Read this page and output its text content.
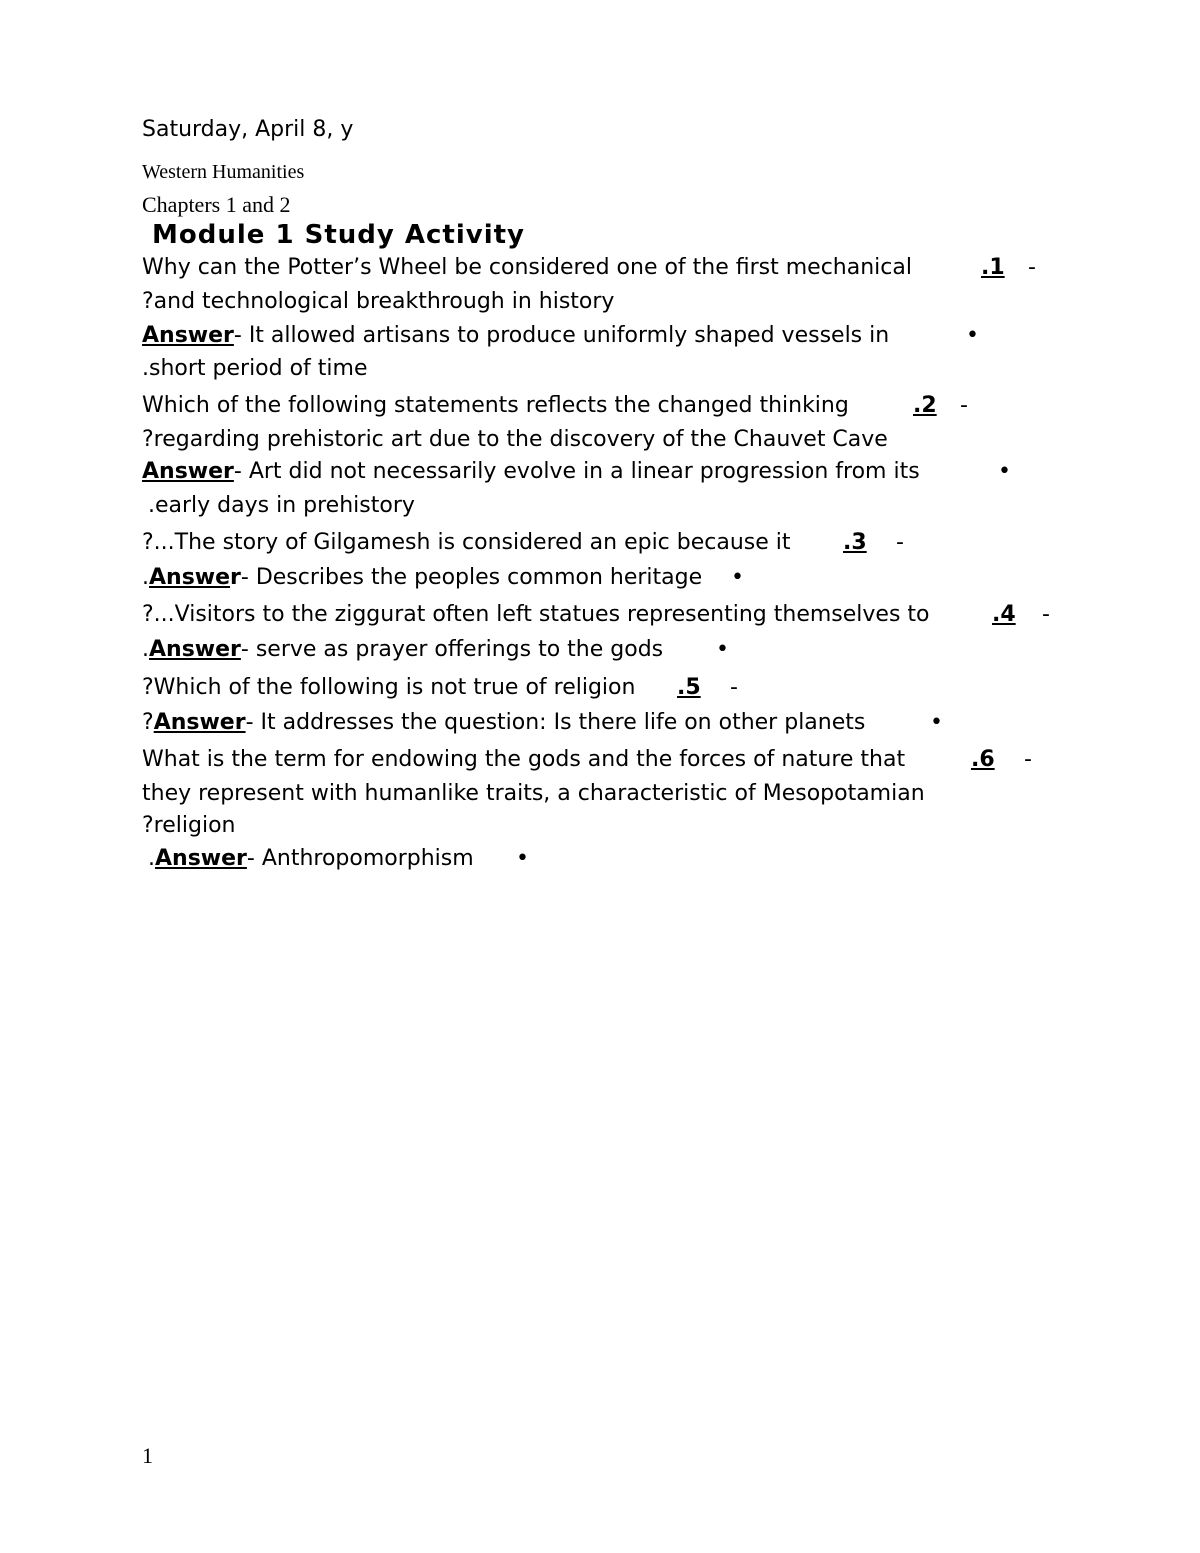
Saturday, April 8, y
Western Humanities
Chapters 1 and 2
Module 1 Study Activity
Why can the Potter’s Wheel be considered one of the first mechanical	.1 -
?and technological breakthrough in history
Answer- It allowed artisans to produce uniformly shaped vessels in	•
.short period of time
Which of the following statements reflects the changed thinking	.2 -
?regarding prehistoric art due to the discovery of the Chauvet Cave
Answer- Art did not necessarily evolve in a linear progression from its	•
.early days in prehistory
?...The story of Gilgamesh is considered an epic because it .3 -
.Answer- Describes the peoples common heritage •
?...Visitors to the ziggurat often left statues representing themselves to	.4 -
.Answer- serve as prayer offerings to the gods •
?Which of the following is not true of religion .5 -
?Answer- It addresses the question: Is there life on other planets	•
What is the term for endowing the gods and the forces of nature that	.6 -
they represent with humanlike traits, a characteristic of Mesopotamian
?religion
.Answer- Anthropomorphism •
1
